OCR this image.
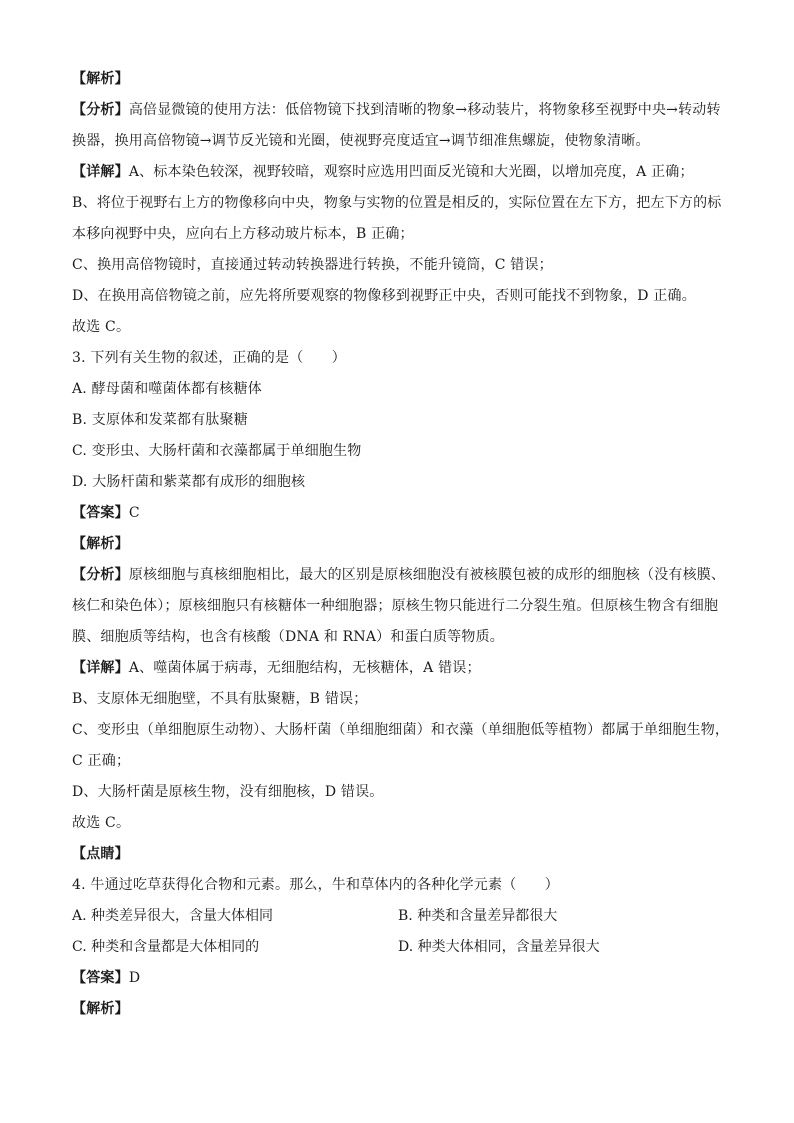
【解析】
【分析】高倍显微镜的使用方法：低倍物镜下找到清晰的物象→移动装片，将物象移至视野中央→转动转
换器，换用高倍物镜→调节反光镜和光圈，使视野亮度适宜→调节细准焦螺旋，使物象清晰。
【详解】A、标本染色较深，视野较暗，观察时应选用凹面反光镜和大光圈，以增加亮度，A 正确；
B、将位于视野右上方的物像移向中央，物象与实物的位置是相反的，实际位置在左下方，把左下方的标
本移向视野中央，应向右上方移动玻片标本，B 正确；
C、换用高倍物镜时，直接通过转动转换器进行转换，不能升镜筒，C 错误；
D、在换用高倍物镜之前，应先将所要观察的物像移到视野正中央，否则可能找不到物象，D 正确。
故选 C。
3. 下列有关生物的叙述，正确的是（　　）
A. 酵母菌和噬菌体都有核糖体
B. 支原体和发菜都有肽聚糖
C. 变形虫、大肠杆菌和衣藻都属于单细胞生物
D. 大肠杆菌和紫菜都有成形的细胞核
【答案】C
【解析】
【分析】原核细胞与真核细胞相比，最大的区别是原核细胞没有被核膜包被的成形的细胞核（没有核膜、
核仁和染色体）；原核细胞只有核糖体一种细胞器；原核生物只能进行二分裂生殖。但原核生物含有细胞
膜、细胞质等结构，也含有核酸（DNA 和 RNA）和蛋白质等物质。
【详解】A、噬菌体属于病毒，无细胞结构，无核糖体，A 错误；
B、支原体无细胞壁，不具有肽聚糖，B 错误；
C、变形虫（单细胞原生动物）、大肠杆菌（单细胞细菌）和衣藻（单细胞低等植物）都属于单细胞生物，
C 正确；
D、大肠杆菌是原核生物，没有细胞核，D 错误。
故选 C。
【点睛】
4. 牛通过吃草获得化合物和元素。那么，牛和草体内的各种化学元素（　　）
A. 种类差异很大，含量大体相同	B. 种类和含量差异都很大
C. 种类和含量都是大体相同的	D. 种类大体相同，含量差异很大
【答案】D
【解析】
